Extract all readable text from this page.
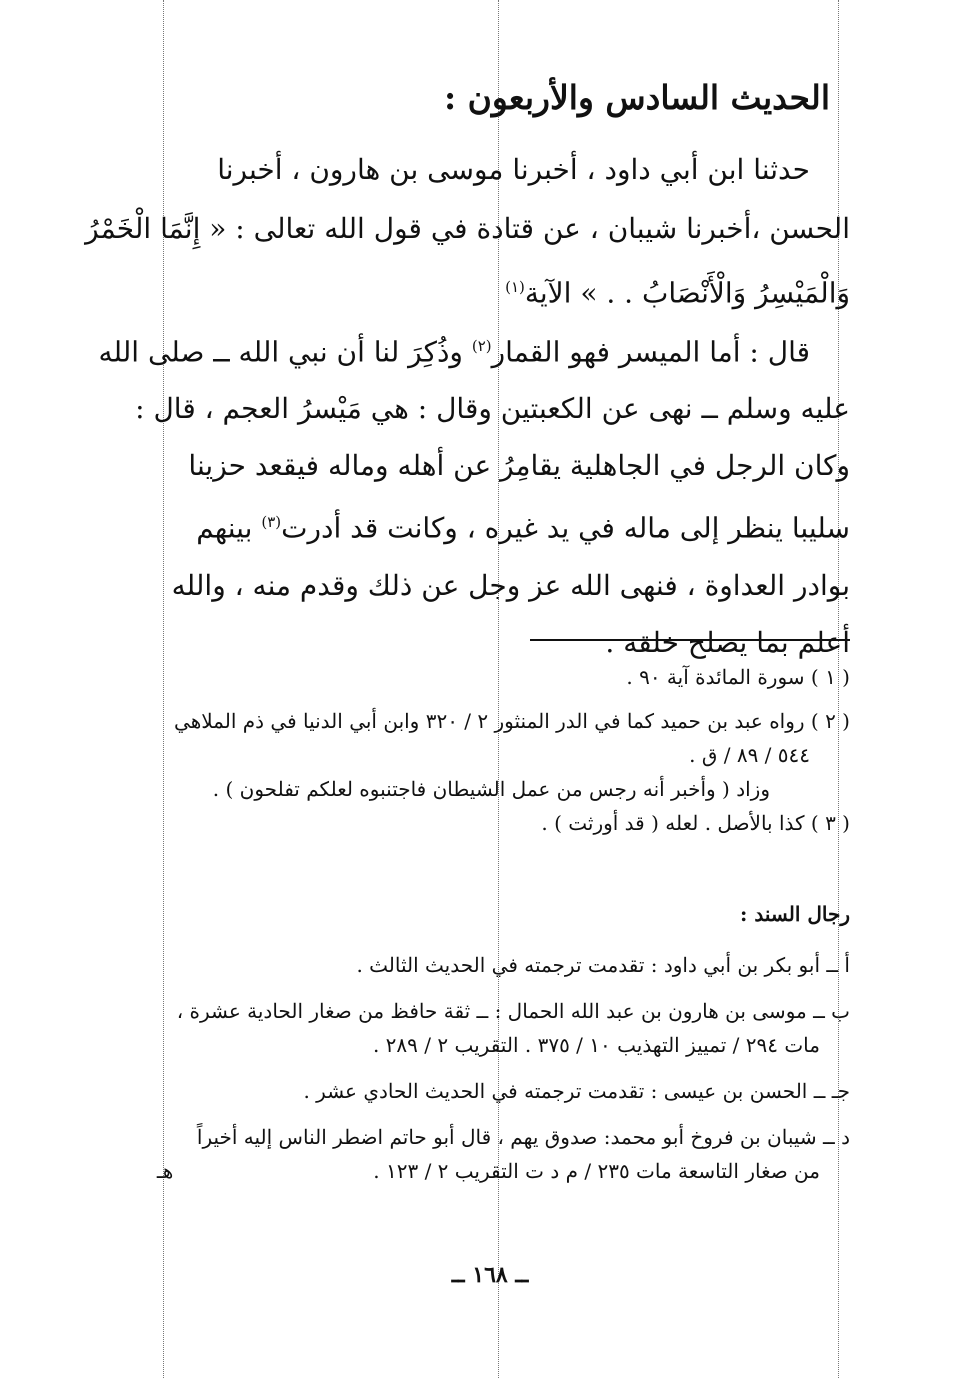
الحديث السادس والأربعون :
حدثنا ابن أبي داود ، أخبرنا موسى بن هارون ، أخبرنا
الحسن ،أخبرنا شيبان ، عن قتادة في قول الله تعالى : « إِنَّمَا الْخَمْرُ
وَالْمَيْسِرُ وَالْأَنْصَابُ . . » الآية$^{(١)}$
قال : أما الميسر فهو القمار$^{(٢)}$ وذُكِرَ لنا أن نبي الله ــ صلى الله
عليه وسلم ــ نهى عن الكعبتين وقال : هي مَيْسرُ العجم ، قال :
وكان الرجل في الجاهلية يقامِرُ عن أهله وماله فيقعد حزينا
سليبا ينظر إلى ماله في يد غيره ، وكانت قد أدرت$^{(٣)}$ بينهم
بوادر العداوة ، فنهى الله عز وجل عن ذلك وقدم منه ، والله
أعلم بما يصلح خلقه .
( ١ ) سورة المائدة آية ٩٠ .
( ٢ ) رواه عبد بن حميد كما في الدر المنثور ٢ / ٣٢٠ وابن أبي الدنيا في ذم الملاهي
٥٤٤ / ٨٩ / ق .
وزاد ( وأخبر أنه رجس من عمل الشيطان فاجتنبوه لعلكم تفلحون ) .
( ٣ ) كذا بالأصل . لعله ( قد أورثت ) .
رجال السند :
أ ــ أبو بكر بن أبي داود : تقدمت ترجمته في الحديث الثالث .
ب ــ موسى بن هارون بن عبد الله الحمال : ــ ثقة حافظ من صغار الحادية عشرة ،
مات ٢٩٤ / تمييز التهذيب ١٠ / ٣٧٥ . التقريب ٢ / ٢٨٩ .
جـ ــ الحسن بن عيسى : تقدمت ترجمته في الحديث الحادي عشر .
د ــ شيبان بن فروخ أبو محمد: صدوق يهم ، قال أبو حاتم اضطر الناس إليه أخيراً
من صغار التاسعة مات ٢٣٥ / م د ت التقريب ٢ / ١٢٣ .هـ
ــ ١٦٨ ــ
